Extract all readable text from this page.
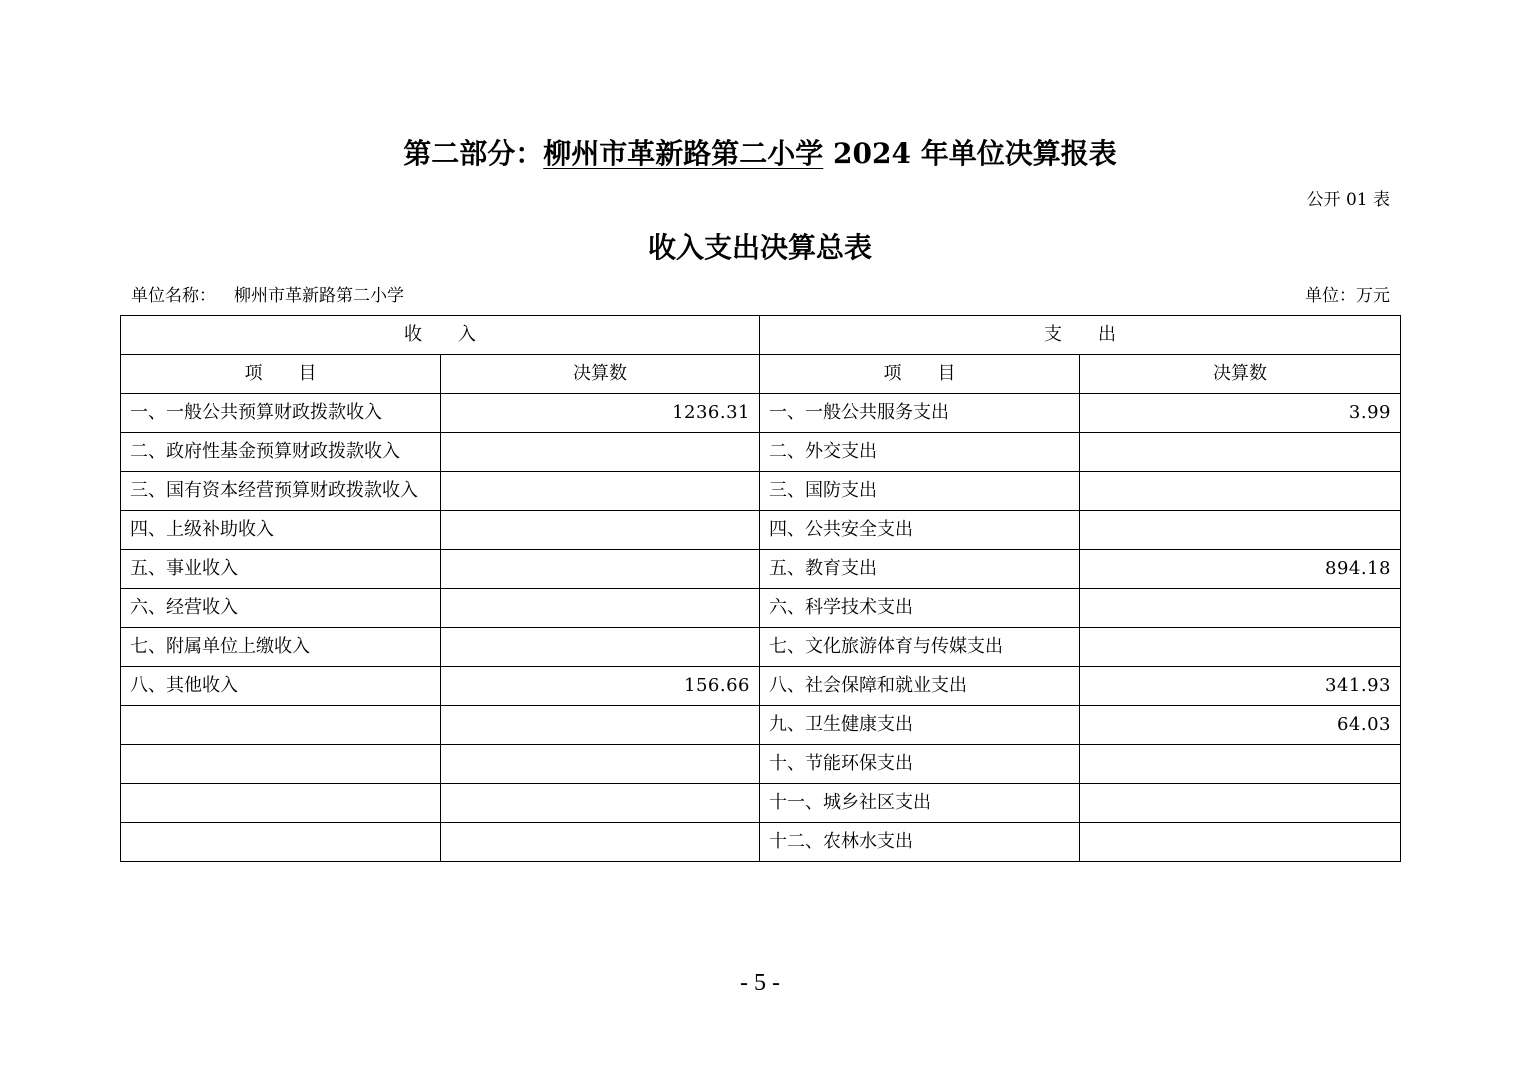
第二部分：柳州市革新路第二小学 2024 年单位决算报表
公开 01 表
收入支出决算总表
单位名称： 柳州市革新路第二小学	单位：万元
收　　入		支　　出	
项　　目	决算数	项　　目	决算数
一、一般公共预算财政拨款收入	1236.31	一、一般公共服务支出	3.99
二、政府性基金预算财政拨款收入		二、外交支出	
三、国有资本经营预算财政拨款收入		三、国防支出	
四、上级补助收入		四、公共安全支出	
五、事业收入		五、教育支出	894.18
六、经营收入		六、科学技术支出	
七、附属单位上缴收入		七、文化旅游体育与传媒支出	
八、其他收入	156.66	八、社会保障和就业支出	341.93
		九、卫生健康支出	64.03
		十、节能环保支出	
		十一、城乡社区支出	
		十二、农林水支出	
- 5 -
